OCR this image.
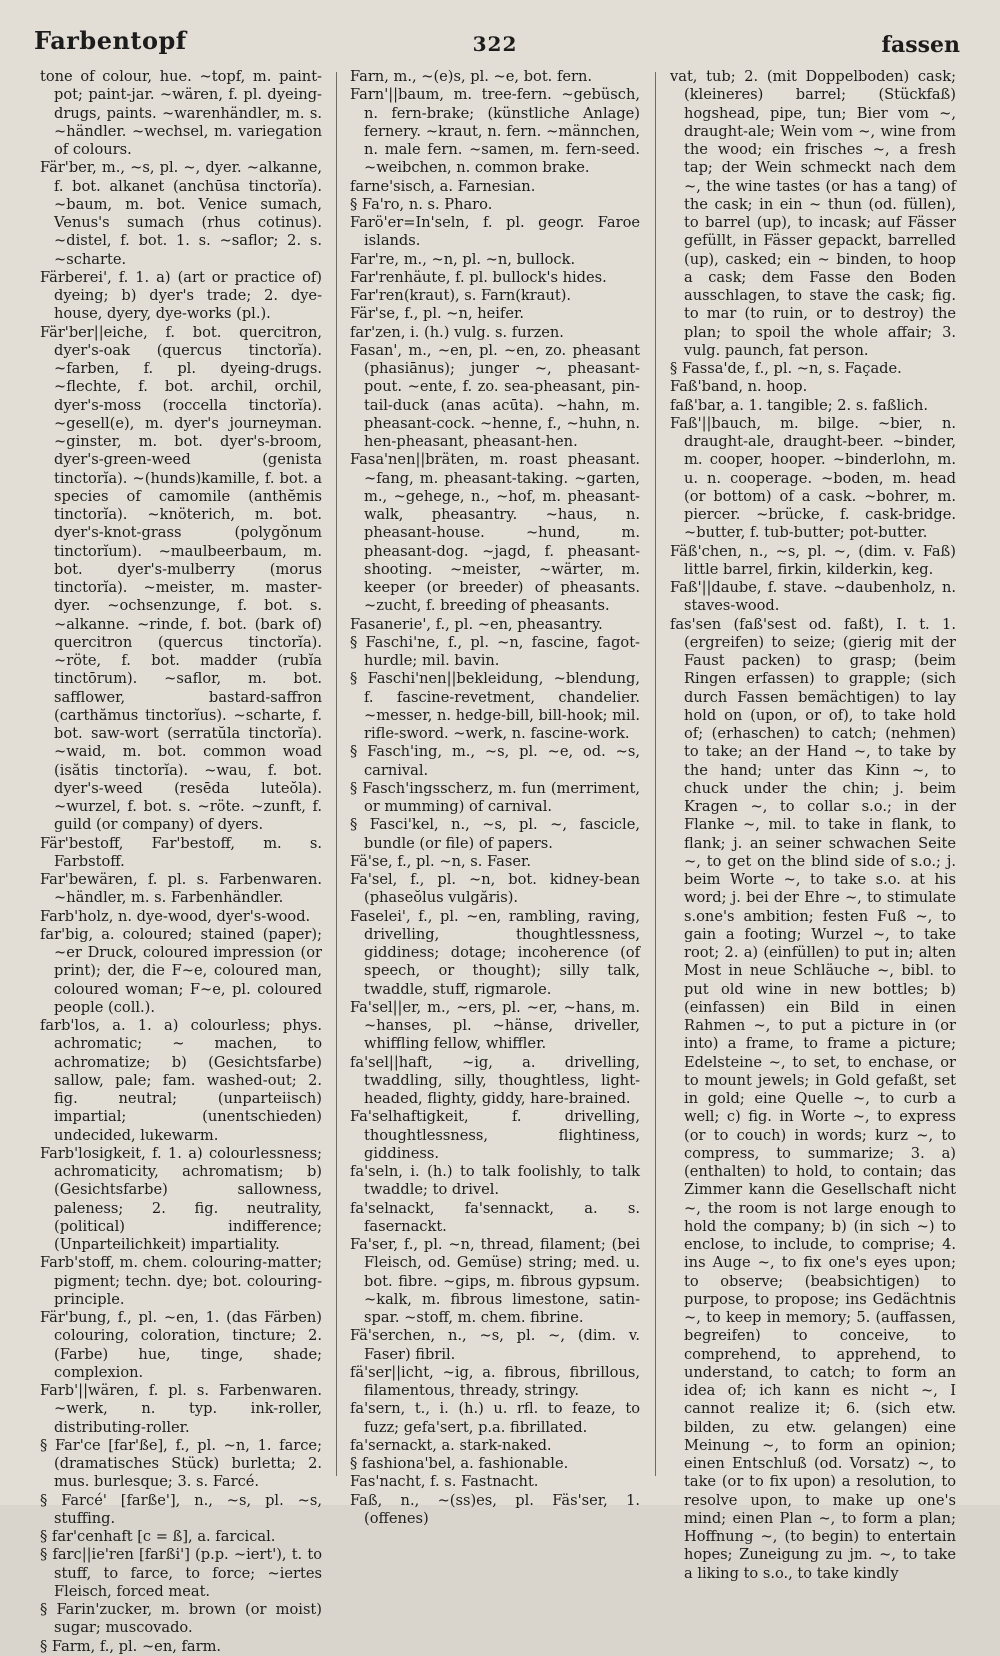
Farbentopf	322	fassen
tone of colour, hue. ~topf, m. paint-pot; paint-jar. ~wären, f. pl. dyeing-drugs, paints. ~warenhändler, m. s. ~händler. ~wechsel, m. variegation of colours.
Fär'ber, m., ~s, pl. ~, dyer. ~alkanne, f. bot. alkanet (anchūsa tinctorĭa). ~baum, m. bot. Venice sumach, Venus's sumach (rhus cotinus). ~distel, f. bot. 1. s. ~saflor; 2. s. ~scharte.
Färberei', f. 1. a) (art or practice of) dyeing; b) dyer's trade; 2. dye-house, dyery, dye-works (pl.).
Fär'ber||eiche, f. bot. quercitron, dyer's-oak (quercus tinctorĭa). ~farben, f. pl. dyeing-drugs. ~flechte, f. bot. archil, orchil, dyer's-moss (roccella tinctorĭa). ~gesell(e), m. dyer's journeyman. ~ginster, m. bot. dyer's-broom, dyer's-green-weed (genista tinctorĭa). ~(hunds)kamille, f. bot. a species of camomile (anthĕmis tinctorĭa). ~knöterich, m. bot. dyer's-knot-grass (polygŏnum tinctorĭum). ~maulbeerbaum, m. bot. dyer's-mulberry (morus tinctorĭa). ~meister, m. master-dyer. ~ochsenzunge, f. bot. s. ~alkanne. ~rinde, f. bot. (bark of) quercitron (quercus tinctorĭa). ~röte, f. bot. madder (rubĭa tinctōrum). ~saflor, m. bot. safflower, bastard-saffron (carthămus tinctorĭus). ~scharte, f. bot. saw-wort (serratŭla tinctorĭa). ~waid, m. bot. common woad (isătis tinctorĭa). ~wau, f. bot. dyer's-weed (resēda luteŏla). ~wurzel, f. bot. s. ~röte. ~zunft, f. guild (or company) of dyers.
Fär'bestoff, Far'bestoff, m. s. Farbstoff.
Far'bewären, f. pl. s. Farbenwaren. ~händler, m. s. Farbenhändler.
Farb'holz, n. dye-wood, dyer's-wood.
far'big, a. coloured; stained (paper); ~er Druck, coloured impression (or print); der, die F~e, coloured man, coloured woman; F~e, pl. coloured people (coll.).
farb'los, a. 1. a) colourless; phys. achromatic; ~ machen, to achromatize; b) (Gesichtsfarbe) sallow, pale; fam. washed-out; 2. fig. neutral; (unparteiisch) impartial; (unentschieden) undecided, lukewarm.
Farb'losigkeit, f. 1. a) colourlessness; achromaticity, achromatism; b) (Gesichtsfarbe) sallowness, paleness; 2. fig. neutrality, (political) indifference; (Unparteilichkeit) impartiality.
Farb'stoff, m. chem. colouring-matter; pigment; techn. dye; bot. colouring-principle.
Fär'bung, f., pl. ~en, 1. (das Färben) colouring, coloration, tincture; 2. (Farbe) hue, tinge, shade; complexion.
Farb'||wären, f. pl. s. Farbenwaren. ~werk, n. typ. ink-roller, distributing-roller.
§ Far'ce [far'ße], f., pl. ~n, 1. farce; (dramatisches Stück) burletta; 2. mus. burlesque; 3. s. Farcé.
§ Farcé' [farße'], n., ~s, pl. ~s, stuffing.
§ far'cenhaft [c = ß], a. farcical.
§ farc||ie'ren [farßi'] (p.p. ~iert'), t. to stuff, to farce, to force; ~iertes Fleisch, forced meat.
§ Farin'zucker, m. brown (or moist) sugar; muscovado.
§ Farm, f., pl. ~en, farm.
Farn, m., ~(e)s, pl. ~e, bot. fern.
Farn'||baum, m. tree-fern. ~gebüsch, n. fern-brake; (künstliche Anlage) fernery. ~kraut, n. fern. ~männchen, n. male fern. ~samen, m. fern-seed. ~weibchen, n. common brake.
farne'sisch, a. Farnesian.
§ Fa'ro, n. s. Pharo.
Farö'er=In'seln, f. pl. geogr. Faroe islands.
Far're, m., ~n, pl. ~n, bullock.
Far'renhäute, f. pl. bullock's hides.
Far'ren(kraut), s. Farn(kraut).
Fär'se, f., pl. ~n, heifer.
far'zen, i. (h.) vulg. s. furzen.
Fasan', m., ~en, pl. ~en, zo. pheasant (phasiānus); junger ~, pheasant-pout. ~ente, f. zo. sea-pheasant, pin-tail-duck (anas acūta). ~hahn, m. pheasant-cock. ~henne, f., ~huhn, n. hen-pheasant, pheasant-hen.
Fasa'nen||bräten, m. roast pheasant. ~fang, m. pheasant-taking. ~garten, m., ~gehege, n., ~hof, m. pheasant-walk, pheasantry. ~haus, n. pheasant-house. ~hund, m. pheasant-dog. ~jagd, f. pheasant-shooting. ~meister, ~wärter, m. keeper (or breeder) of pheasants. ~zucht, f. breeding of pheasants.
Fasanerie', f., pl. ~en, pheasantry.
§ Faschi'ne, f., pl. ~n, fascine, fagot-hurdle; mil. bavin.
§ Faschi'nen||bekleidung, ~blendung, f. fascine-revetment, chandelier. ~messer, n. hedge-bill, bill-hook; mil. rifle-sword. ~werk, n. fascine-work.
§ Fasch'ing, m., ~s, pl. ~e, od. ~s, carnival.
§ Fasch'ingsscherz, m. fun (merriment, or mumming) of carnival.
§ Fasci'kel, n., ~s, pl. ~, fascicle, bundle (or file) of papers.
Fä'se, f., pl. ~n, s. Faser.
Fa'sel, f., pl. ~n, bot. kidney-bean (phaseŏlus vulgăris).
Faselei', f., pl. ~en, rambling, raving, drivelling, thoughtlessness, giddiness; dotage; incoherence (of speech, or thought); silly talk, twaddle, stuff, rigmarole.
Fa'sel||er, m., ~ers, pl. ~er, ~hans, m. ~hanses, pl. ~hänse, driveller, whiffling fellow, whiffler.
fa'sel||haft, ~ig, a. drivelling, twaddling, silly, thoughtless, light-headed, flighty, giddy, hare-brained.
Fa'selhaftigkeit, f. drivelling, thoughtlessness, flightiness, giddiness.
fa'seln, i. (h.) to talk foolishly, to talk twaddle; to drivel.
fa'selnackt, fa'sennackt, a. s. fasernackt.
Fa'ser, f., pl. ~n, thread, filament; (bei Fleisch, od. Gemüse) string; med. u. bot. fibre. ~gips, m. fibrous gypsum. ~kalk, m. fibrous limestone, satin-spar. ~stoff, m. chem. fibrine.
Fä'serchen, n., ~s, pl. ~, (dim. v. Faser) fibril.
fä'ser||icht, ~ig, a. fibrous, fibrillous, filamentous, thready, stringy.
fa'sern, t., i. (h.) u. rfl. to feaze, to fuzz; gefa'sert, p.a. fibrillated.
fa'sernackt, a. stark-naked.
§ fashiona'bel, a. fashionable.
Fas'nacht, f. s. Fastnacht.
Faß, n., ~(ss)es, pl. Fäs'ser, 1. (offenes)
vat, tub; 2. (mit Doppelboden) cask; (kleineres) barrel; (Stückfaß) hogshead, pipe, tun; Bier vom ~, draught-ale; Wein vom ~, wine from the wood; ein frisches ~, a fresh tap; der Wein schmeckt nach dem ~, the wine tastes (or has a tang) of the cask; in ein ~ thun (od. füllen), to barrel (up), to incask; auf Fässer gefüllt, in Fässer gepackt, barrelled (up), casked; ein ~ binden, to hoop a cask; dem Fasse den Boden ausschlagen, to stave the cask; fig. to mar (to ruin, or to destroy) the plan; to spoil the whole affair; 3. vulg. paunch, fat person.
§ Fassa'de, f., pl. ~n, s. Façade.
Faß'band, n. hoop.
faß'bar, a. 1. tangible; 2. s. faßlich.
Faß'||bauch, m. bilge. ~bier, n. draught-ale, draught-beer. ~binder, m. cooper, hooper. ~binderlohn, m. u. n. cooperage. ~boden, m. head (or bottom) of a cask. ~bohrer, m. piercer. ~brücke, f. cask-bridge. ~butter, f. tub-butter; pot-butter.
Fäß'chen, n., ~s, pl. ~, (dim. v. Faß) little barrel, firkin, kilderkin, keg.
Faß'||daube, f. stave. ~daubenholz, n. staves-wood.
fas'sen (faß'sest od. faßt), I. t. 1. (ergreifen) to seize; (gierig mit der Faust packen) to grasp; (beim Ringen erfassen) to grapple; (sich durch Fassen bemächtigen) to lay hold on (upon, or of), to take hold of; (erhaschen) to catch; (nehmen) to take; an der Hand ~, to take by the hand; unter das Kinn ~, to chuck under the chin; j. beim Kragen ~, to collar s.o.; in der Flanke ~, mil. to take in flank, to flank; j. an seiner schwachen Seite ~, to get on the blind side of s.o.; j. beim Worte ~, to take s.o. at his word; j. bei der Ehre ~, to stimulate s.one's ambition; festen Fuß ~, to gain a footing; Wurzel ~, to take root; 2. a) (einfüllen) to put in; alten Most in neue Schläuche ~, bibl. to put old wine in new bottles; b) (einfassen) ein Bild in einen Rahmen ~, to put a picture in (or into) a frame, to frame a picture; Edelsteine ~, to set, to enchase, or to mount jewels; in Gold gefaßt, set in gold; eine Quelle ~, to curb a well; c) fig. in Worte ~, to express (or to couch) in words; kurz ~, to compress, to summarize; 3. a) (enthalten) to hold, to contain; das Zimmer kann die Gesellschaft nicht ~, the room is not large enough to hold the company; b) (in sich ~) to enclose, to include, to comprise; 4. ins Auge ~, to fix one's eyes upon; to observe; (beabsichtigen) to purpose, to propose; ins Gedächtnis ~, to keep in memory; 5. (auffassen, begreifen) to conceive, to comprehend, to apprehend, to understand, to catch; to form an idea of; ich kann es nicht ~, I cannot realize it; 6. (sich etw. bilden, zu etw. gelangen) eine Meinung ~, to form an opinion; einen Entschluß (od. Vorsatz) ~, to take (or to fix upon) a resolution, to resolve upon, to make up one's mind; einen Plan ~, to form a plan; Hoffnung ~, (to begin) to entertain hopes; Zuneigung zu jm. ~, to take a liking to s.o., to take kindly
